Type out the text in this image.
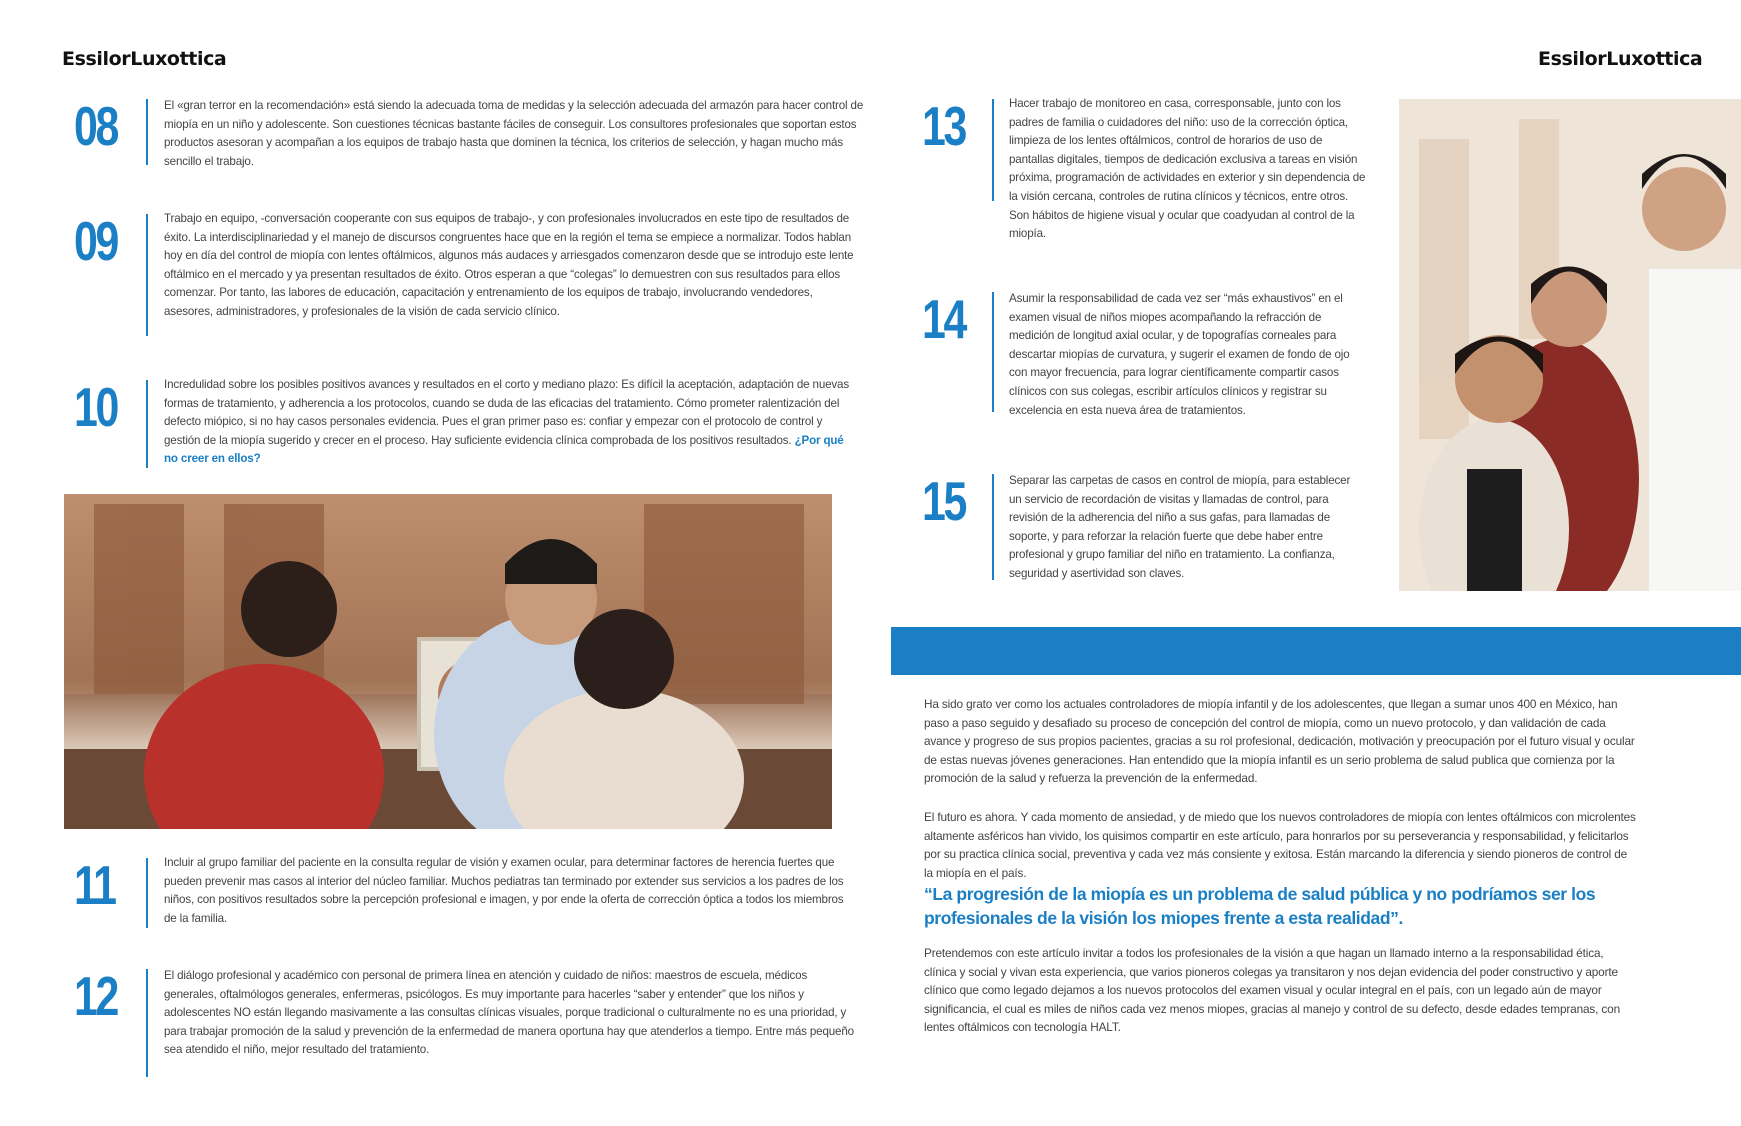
EssilorLuxottica	EssilorLuxottica
08	El «gran terror en la recomendación» está siendo la adecuada toma de medidas y la selección adecuada del armazón para hacer control de miopía en un niño y adolescente. Son cuestiones técnicas bastante fáciles de conseguir. Los consultores profesionales que soportan estos productos asesoran y acompañan a los equipos de trabajo hasta que dominen la técnica, los criterios de selección, y hagan mucho más sencillo el trabajo.
09	Trabajo en equipo, -conversación cooperante con sus equipos de trabajo-, y con profesionales involucrados en este tipo de resultados de éxito. La interdisciplinariedad y el manejo de discursos congruentes hace que en la región el tema se empiece a normalizar. Todos hablan hoy en día del control de miopía con lentes oftálmicos, algunos más audaces y arriesgados comenzaron desde que se introdujo este lente oftálmico en el mercado y ya presentan resultados de éxito. Otros esperan a que “colegas” lo demuestren con sus resultados para ellos comenzar. Por tanto, las labores de educación, capacitación y entrenamiento de los equipos de trabajo, involucrando vendedores, asesores, administradores, y profesionales de la visión de cada servicio clínico.
10	Incredulidad sobre los posibles positivos avances y resultados en el corto y mediano plazo: Es difícil la aceptación, adaptación de nuevas formas de tratamiento, y adherencia a los protocolos, cuando se duda de las eficacias del tratamiento. Cómo prometer ralentización del defecto miópico, si no hay casos personales evidencia. Pues el gran primer paso es: confiar y empezar con el protocolo de control y gestión de la miopía sugerido y crecer en el proceso. Hay suficiente evidencia clínica comprobada de los positivos resultados. ¿Por qué no creer en ellos?
11	Incluir al grupo familiar del paciente en la consulta regular de visión y examen ocular, para determinar factores de herencia fuertes que pueden prevenir mas casos al interior del núcleo familiar. Muchos pediatras tan terminado por extender sus servicios a los padres de los niños, con positivos resultados sobre la percepción profesional e imagen, y por ende la oferta de corrección óptica a todos los miembros de la familia.
12	El diálogo profesional y académico con personal de primera línea en atención y cuidado de niños: maestros de escuela, médicos generales, oftalmólogos generales, enfermeras, psicólogos. Es muy importante para hacerles “saber y entender” que los niños y adolescentes NO están llegando masivamente a las consultas clínicas visuales, porque tradicional o culturalmente no es una prioridad, y para trabajar promoción de la salud y prevención de la enfermedad de manera oportuna hay que atenderlos a tiempo. Entre más pequeño sea atendido el niño, mejor resultado del tratamiento.
13	Hacer trabajo de monitoreo en casa, corresponsable, junto con los padres de familia o cuidadores del niño: uso de la corrección óptica, limpieza de los lentes oftálmicos, control de horarios de uso de pantallas digitales, tiempos de dedicación exclusiva a tareas en visión próxima, programación de actividades en exterior y sin dependencia de la visión cercana, controles de rutina clínicos y técnicos, entre otros. Son hábitos de higiene visual y ocular que coadyudan al control de la miopía.
14	Asumir la responsabilidad de cada vez ser “más exhaustivos” en el examen visual de niños miopes acompañando la refracción de medición de longitud axial ocular, y de topografías corneales para descartar miopías de curvatura, y sugerir el examen de fondo de ojo con mayor frecuencia, para lograr científicamente compartir casos clínicos con sus colegas, escribir artículos clínicos y registrar su excelencia en esta nueva área de tratamientos.
15	Separar las carpetas de casos en control de miopía, para establecer un servicio de recordación de visitas y llamadas de control, para revisión de la adherencia del niño a sus gafas, para llamadas de soporte, y para reforzar la relación fuerte que debe haber entre profesional y grupo familiar del niño en tratamiento. La confianza, seguridad y asertividad son claves.
Ha sido grato ver como los actuales controladores de miopía infantil y de los adolescentes, que llegan a sumar unos 400 en México, han paso a paso seguido y desafiado su proceso de concepción del control de miopía, como un nuevo protocolo, y dan validación de cada avance y progreso de sus propios pacientes, gracias a su rol profesional, dedicación, motivación y preocupación por el futuro visual y ocular de estas nuevas jóvenes generaciones. Han entendido que la miopía infantil es un serio problema de salud publica que comienza por la promoción de la salud y refuerza la prevención de la enfermedad.
El futuro es ahora. Y cada momento de ansiedad, y de miedo que los nuevos controladores de miopía con lentes oftálmicos con microlentes altamente asféricos han vivido, los quisimos compartir en este artículo, para honrarlos por su perseverancia y responsabilidad, y felicitarlos por su practica clínica social, preventiva y cada vez más consiente y exitosa. Están marcando la diferencia y siendo pioneros de control de la miopía en el país.
“La progresión de la miopía es un problema de salud pública y no podríamos ser los profesionales de la visión los miopes frente a esta realidad”.
Pretendemos con este artículo invitar a todos los profesionales de la visión a que hagan un llamado interno a la responsabilidad ética, clínica y social y vivan esta experiencia, que varios pioneros colegas ya transitaron y nos dejan evidencia del poder constructivo y aporte clínico que como legado dejamos a los nuevos protocolos del examen visual y ocular integral en el país, con un legado aún de mayor significancia, el cual es miles de niños cada vez menos miopes, gracias al manejo y control de su defecto, desde edades tempranas, con lentes oftálmicos con tecnología HALT.
